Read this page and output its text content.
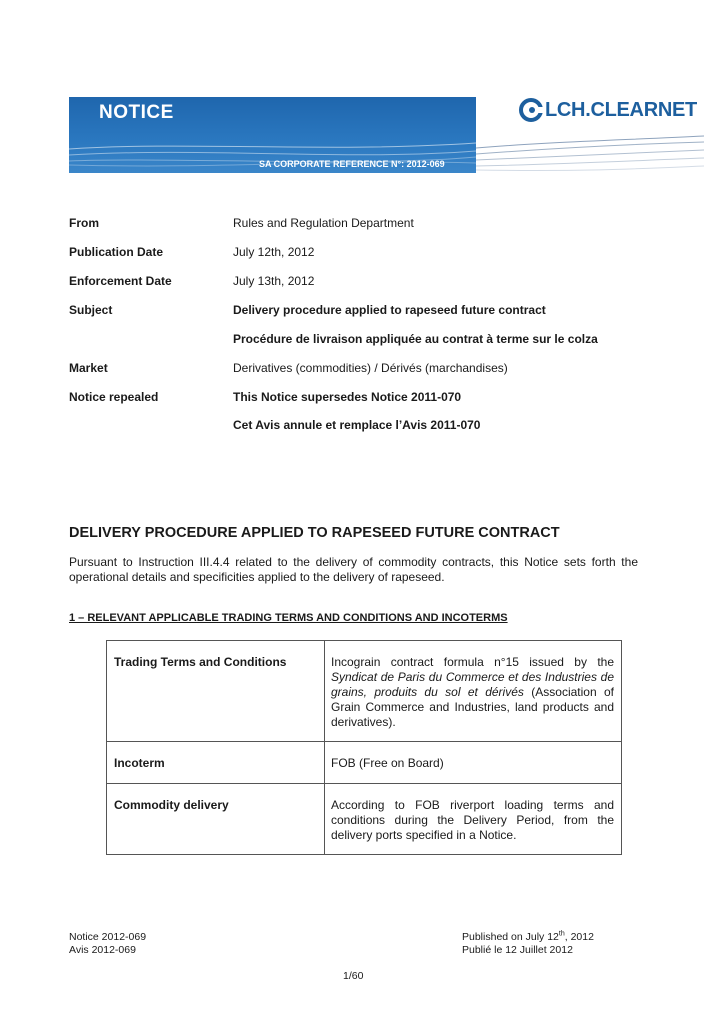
NOTICE
SA CORPORATE REFERENCE N°: 2012-069
LCH.CLEARNET
From	Rules and Regulation Department
Publication Date	July 12th, 2012
Enforcement Date	July 13th, 2012
Subject	Delivery procedure applied to rapeseed future contract
Procédure de livraison appliquée au contrat à terme sur le colza
Market	Derivatives (commodities) / Dérivés (marchandises)
Notice repealed	This Notice supersedes Notice 2011-070
Cet Avis annule et remplace l’Avis 2011-070
DELIVERY PROCEDURE APPLIED TO RAPESEED FUTURE CONTRACT
Pursuant to Instruction III.4.4 related to the delivery of commodity contracts, this Notice sets forth the operational details and specificities applied to the delivery of rapeseed.
1 – RELEVANT APPLICABLE TRADING TERMS AND CONDITIONS AND INCOTERMS
Trading Terms and Conditions	Incograin contract formula n°15 issued by the Syndicat de Paris du Commerce et des Industries de grains, produits du sol et dérivés (Association of Grain Commerce and Industries, land products and derivatives).
Incoterm	FOB (Free on Board)
Commodity delivery	According to FOB riverport loading terms and conditions during the Delivery Period, from the delivery ports specified in a Notice.
Notice 2012-069
Avis 2012-069
Published on July 12th, 2012
Publié le 12 Juillet 2012
1/60
